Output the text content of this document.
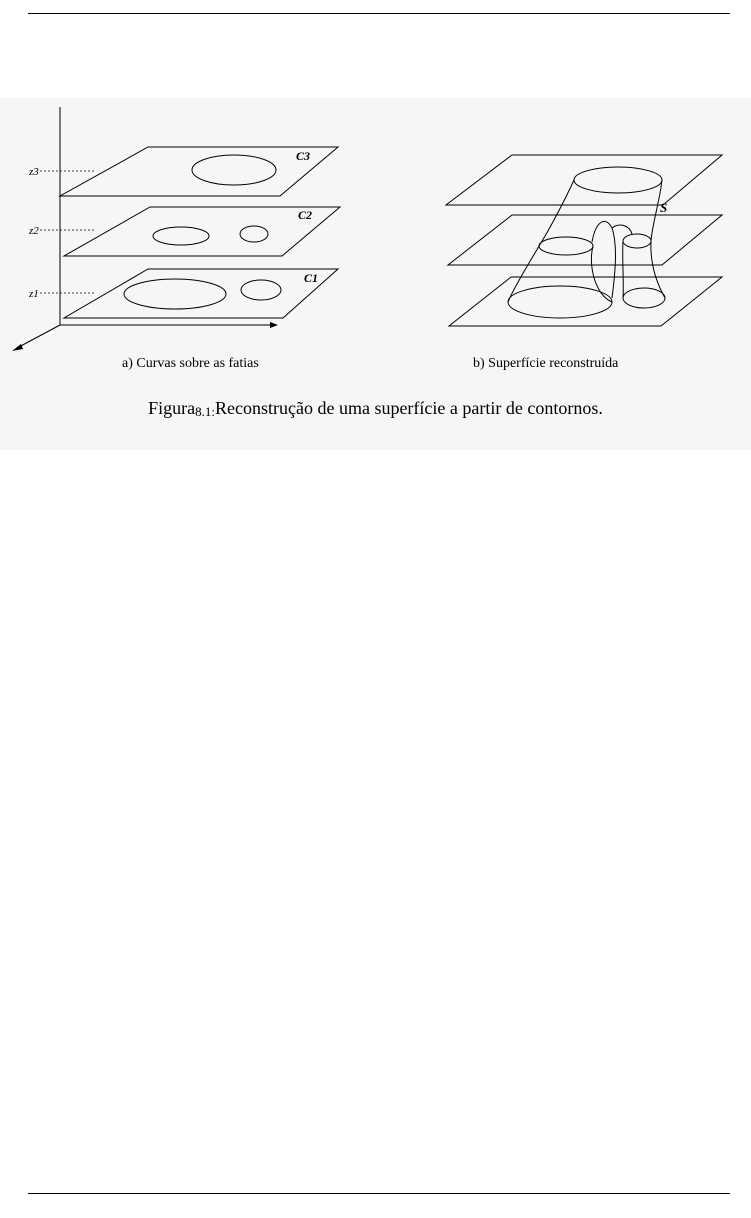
z3
z2
z1
C3
C2
C1
S
a) Curvas sobre as fatias	b) Superfície reconstruída
Figura8.1:Reconstrução de uma superfície a partir de contornos.
